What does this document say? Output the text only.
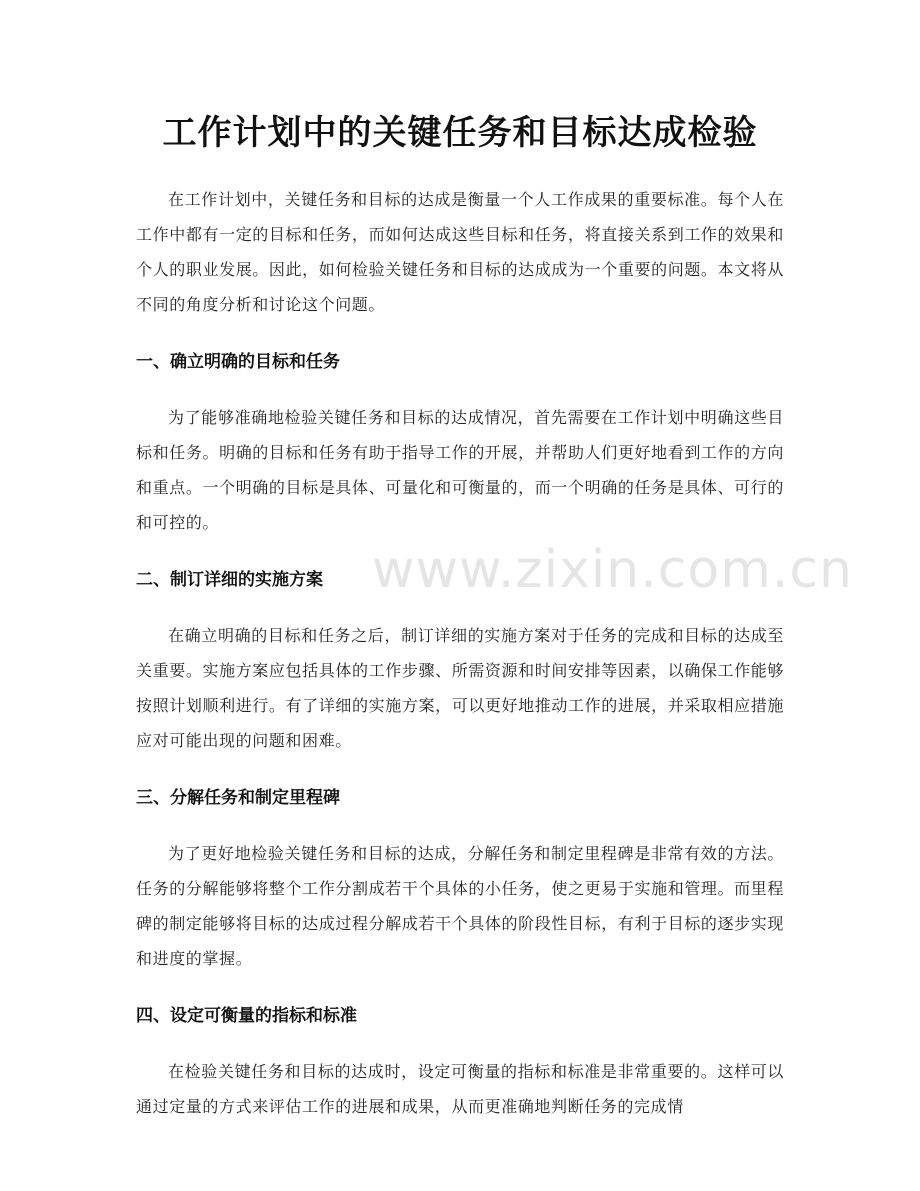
工作计划中的关键任务和目标达成检验

在工作计划中，关键任务和目标的达成是衡量一个人工作成果的重要标准。每个人在工作中都有一定的目标和任务，而如何达成这些目标和任务，将直接关系到工作的效果和个人的职业发展。因此，如何检验关键任务和目标的达成成为一个重要的问题。本文将从不同的角度分析和讨论这个问题。

一、确立明确的目标和任务

为了能够准确地检验关键任务和目标的达成情况，首先需要在工作计划中明确这些目标和任务。明确的目标和任务有助于指导工作的开展，并帮助人们更好地看到工作的方向和重点。一个明确的目标是具体、可量化和可衡量的，而一个明确的任务是具体、可行的和可控的。

二、制订详细的实施方案

在确立明确的目标和任务之后，制订详细的实施方案对于任务的完成和目标的达成至关重要。实施方案应包括具体的工作步骤、所需资源和时间安排等因素，以确保工作能够按照计划顺利进行。有了详细的实施方案，可以更好地推动工作的进展，并采取相应措施应对可能出现的问题和困难。

三、分解任务和制定里程碑

为了更好地检验关键任务和目标的达成，分解任务和制定里程碑是非常有效的方法。任务的分解能够将整个工作分割成若干个具体的小任务，使之更易于实施和管理。而里程碑的制定能够将目标的达成过程分解成若干个具体的阶段性目标，有利于目标的逐步实现和进度的掌握。

四、设定可衡量的指标和标准

在检验关键任务和目标的达成时，设定可衡量的指标和标准是非常重要的。这样可以通过定量的方式来评估工作的进展和成果，从而更准确地判断任务的完成情

www.zixin.com.cn
